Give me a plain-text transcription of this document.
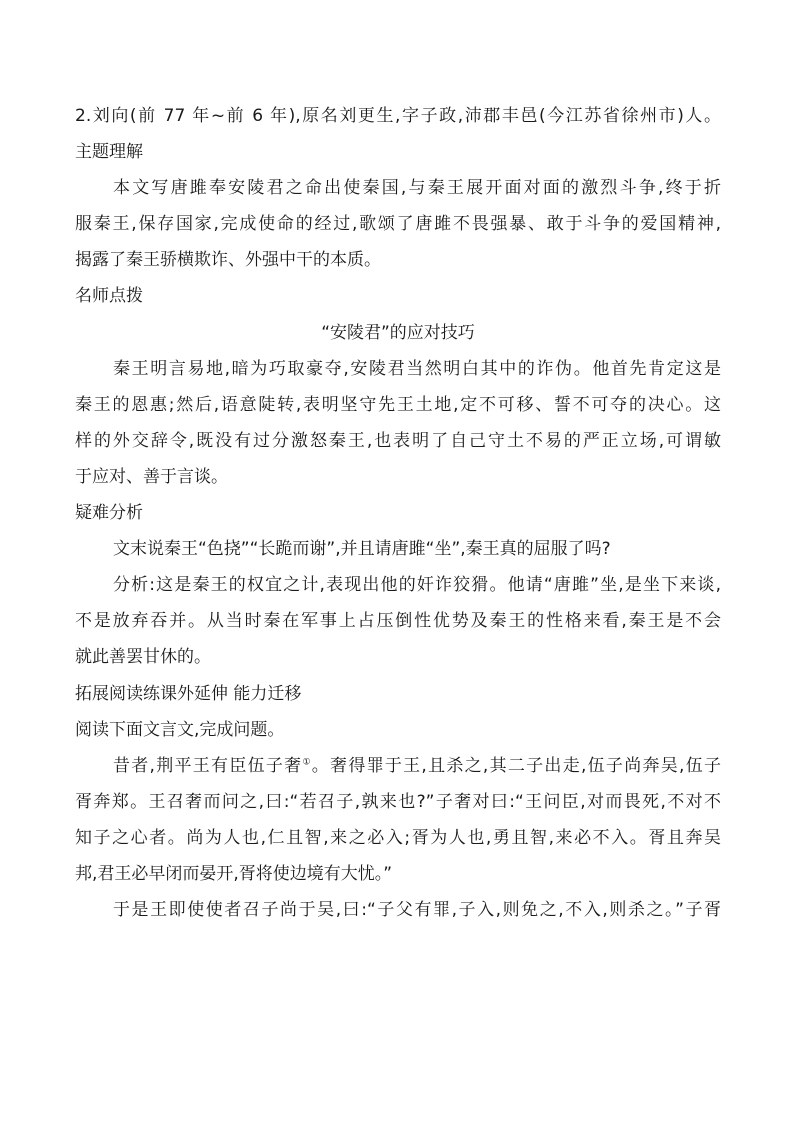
2.刘向(前 77 年~前 6 年),原名刘更生,字子政,沛郡丰邑(今江苏省徐州市)人。
主题理解
本文写唐雎奉安陵君之命出使秦国,与秦王展开面对面的激烈斗争,终于折
服秦王,保存国家,完成使命的经过,歌颂了唐雎不畏强暴、敢于斗争的爱国精神,
揭露了秦王骄横欺诈、外强中干的本质。
名师点拨
“安陵君”的应对技巧
秦王明言易地,暗为巧取豪夺,安陵君当然明白其中的诈伪。他首先肯定这是
秦王的恩惠;然后,语意陡转,表明坚守先王土地,定不可移、誓不可夺的决心。这
样的外交辞令,既没有过分激怒秦王,也表明了自己守土不易的严正立场,可谓敏
于应对、善于言谈。
疑难分析
文末说秦王“色挠”“长跪而谢”,并且请唐雎“坐”,秦王真的屈服了吗?
分析:这是秦王的权宜之计,表现出他的奸诈狡猾。他请“唐雎”坐,是坐下来谈,
不是放弃吞并。从当时秦在军事上占压倒性优势及秦王的性格来看,秦王是不会
就此善罢甘休的。
拓展阅读练课外延伸 能力迁移
阅读下面文言文,完成问题。
昔者,荆平王有臣伍子奢①。奢得罪于王,且杀之,其二子出走,伍子尚奔吴,伍子
胥奔郑。王召奢而问之,曰:“若召子,孰来也?”子奢对曰:“王问臣,对而畏死,不对不
知子之心者。尚为人也,仁且智,来之必入;胥为人也,勇且智,来必不入。胥且奔吴
邦,君王必早闭而晏开,胥将使边境有大忧。”
于是王即使使者召子尚于吴,曰:“子父有罪,子入,则免之,不入,则杀之。”子胥
